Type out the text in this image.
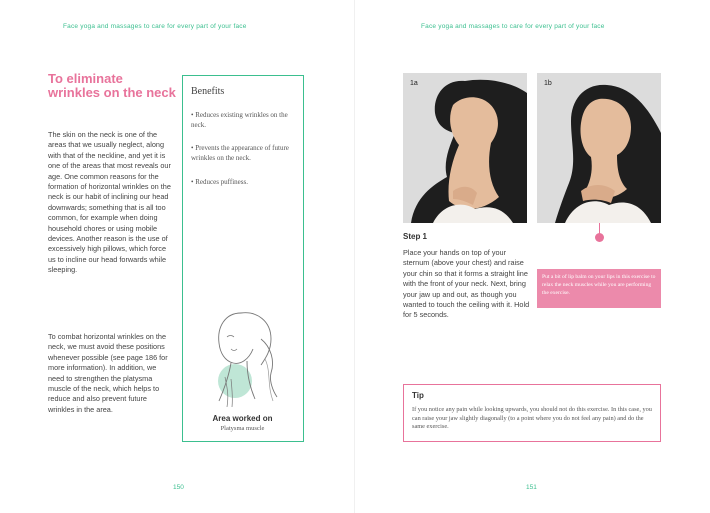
Face yoga and massages to care for every part of your face
To eliminate wrinkles on the neck
The skin on the neck is one of the areas that we usually neglect, along with that of the neckline, and yet it is one of the areas that most reveals our age. One common reasons for the formation of horizontal wrinkles on the neck is our habit of inclining our head downwards; something that is all too common, for example when doing household chores or using mobile devices. Another reason is the use of excessively high pillows, which force us to incline our head forwards while sleeping.
To combat horizontal wrinkles on the neck, we must avoid these positions whenever possible (see page 186 for more information). In addition, we need to strengthen the platysma muscle of the neck, which helps to reduce and also prevent future wrinkles in the area.
Benefits
• Reduces existing wrinkles on the neck.
• Prevents the appearance of future wrinkles on the neck.
• Reduces puffiness.
Area worked on
Platysma muscle
150
Face yoga and massages to care for every part of your face
1a	1b
Step 1
Place your hands on top of your sternum (above your chest) and raise your chin so that it forms a straight line with the front of your neck. Next, bring your jaw up and out, as though you wanted to touch the ceiling with it. Hold for 5 seconds.
Put a bit of lip balm on your lips in this exercise to relax the neck muscles while you are performing the exercise.
Tip
If you notice any pain while looking upwards, you should not do this exercise. In this case, you can raise your jaw slightly diagonally (to a point where you do not feel any pain) and do the same exercise.
151
